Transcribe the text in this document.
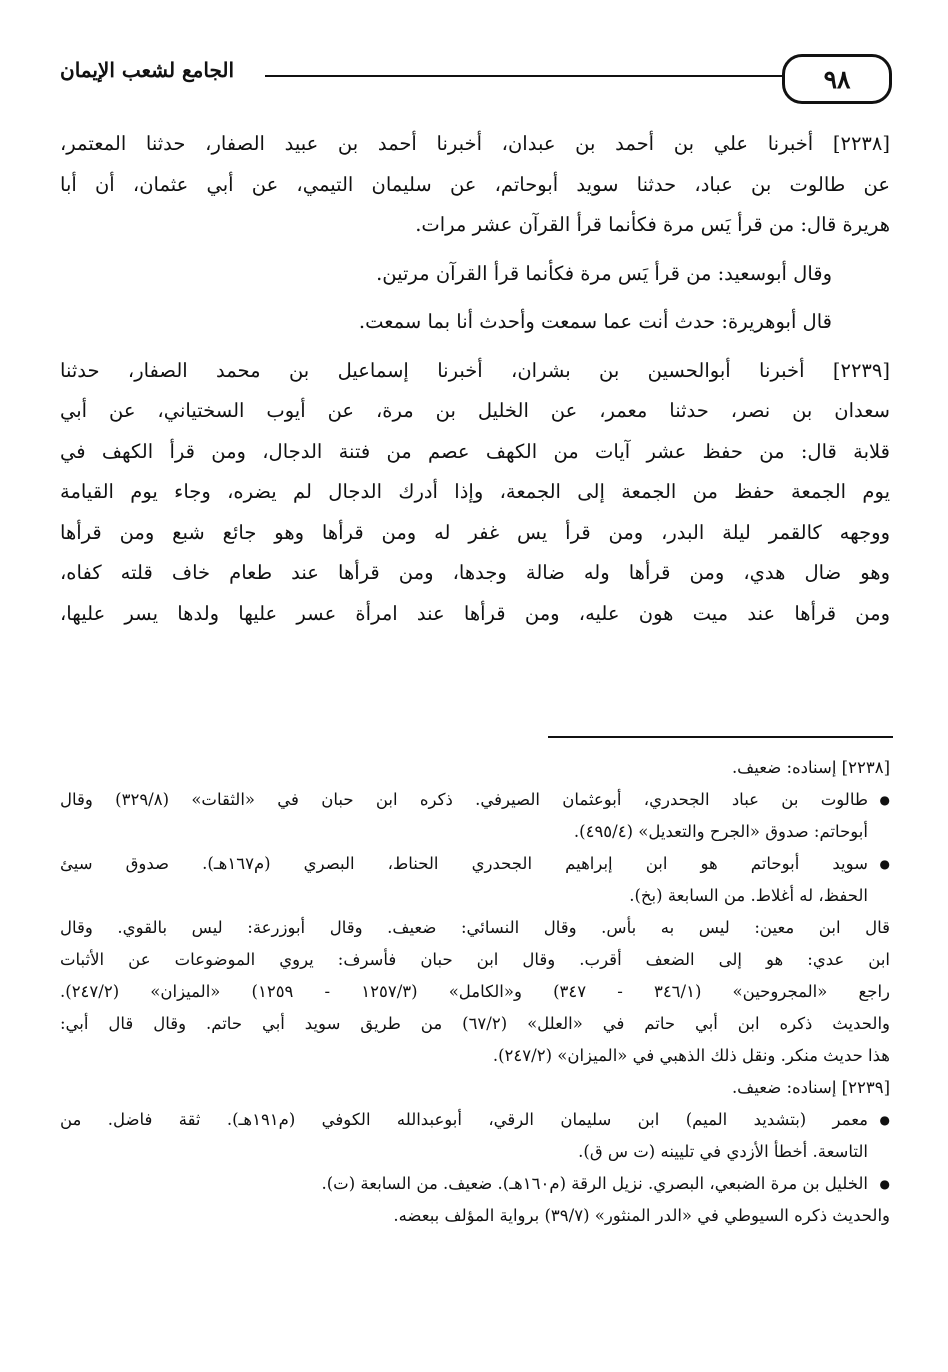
٩٨
الجامع لشعب الإيمان

[٢٢٣٨] أخبرنا علي بن أحمد بن عبدان، أخبرنا أحمد بن عبيد الصفار، حدثنا المعتمر،
عن طالوت بن عباد، حدثنا سويد أبوحاتم، عن سليمان التيمي، عن أبي عثمان، أن أبا
هريرة قال: من قرأ يَس مرة فكأنما قرأ القرآن عشر مرات.

وقال أبوسعيد: من قرأ يَس مرة فكأنما قرأ القرآن مرتين.

قال أبوهريرة: حدث أنت عما سمعت وأحدث أنا بما سمعت.

[٢٢٣٩] أخبرنا أبوالحسين بن بشران، أخبرنا إسماعيل بن محمد الصفار، حدثنا
سعدان بن نصر، حدثنا معمر، عن الخليل بن مرة، عن أيوب السختياني، عن أبي
قلابة قال: من حفظ عشر آيات من الكهف عصم من فتنة الدجال، ومن قرأ الكهف في
يوم الجمعة حفظ من الجمعة إلى الجمعة، وإذا أدرك الدجال لم يضره، وجاء يوم القيامة
ووجهه كالقمر ليلة البدر، ومن قرأ يس غفر له ومن قرأها وهو جائع شبع ومن قرأها
وهو ضال هدي، ومن قرأها وله ضالة وجدها، ومن قرأها عند طعام خاف قلته كفاه،
ومن قرأها عند ميت هون عليه، ومن قرأها عند امرأة عسر عليها ولدها يسر عليها،

[٢٢٣٨] إسناده: ضعيف.

● طالوت بن عباد الجحدري، أبوعثمان الصيرفي. ذكره ابن حبان في «الثقات» (٣٢٩/٨) وقال
أبوحاتم: صدوق «الجرح والتعديل» (٤٩٥/٤).

● سويد أبوحاتم هو ابن إبراهيم الجحدري الحناط، البصري (م١٦٧هـ). صدوق سيئ
الحفظ، له أغلاط. من السابعة (بخ).

قال ابن معين: ليس به بأس. وقال النسائي: ضعيف. وقال أبوزرعة: ليس بالقوي. وقال
ابن عدي: هو إلى الضعف أقرب. وقال ابن حبان فأسرف: يروي الموضوعات عن الأثبات
راجع «المجروحين» (٣٤٦/١ - ٣٤٧) و«الكامل» (١٢٥٧/٣ - ١٢٥٩) «الميزان» (٢٤٧/٢).
والحديث ذكره ابن أبي حاتم في «العلل» (٦٧/٢) من طريق سويد أبي حاتم. وقال قال أبي:
هذا حديث منكر. ونقل ذلك الذهبي في «الميزان» (٢٤٧/٢).

[٢٢٣٩] إسناده: ضعيف.

● معمر (بتشديد الميم) ابن سليمان الرقي، أبوعبدالله الكوفي (م١٩١هـ). ثقة فاضل. من
التاسعة. أخطأ الأزدي في تليينه (ت س ق).

● الخليل بن مرة الضبعي، البصري. نزيل الرقة (م١٦٠هـ). ضعيف. من السابعة (ت).

والحديث ذكره السيوطي في «الدر المنثور» (٣٩/٧) برواية المؤلف ببعضه.
